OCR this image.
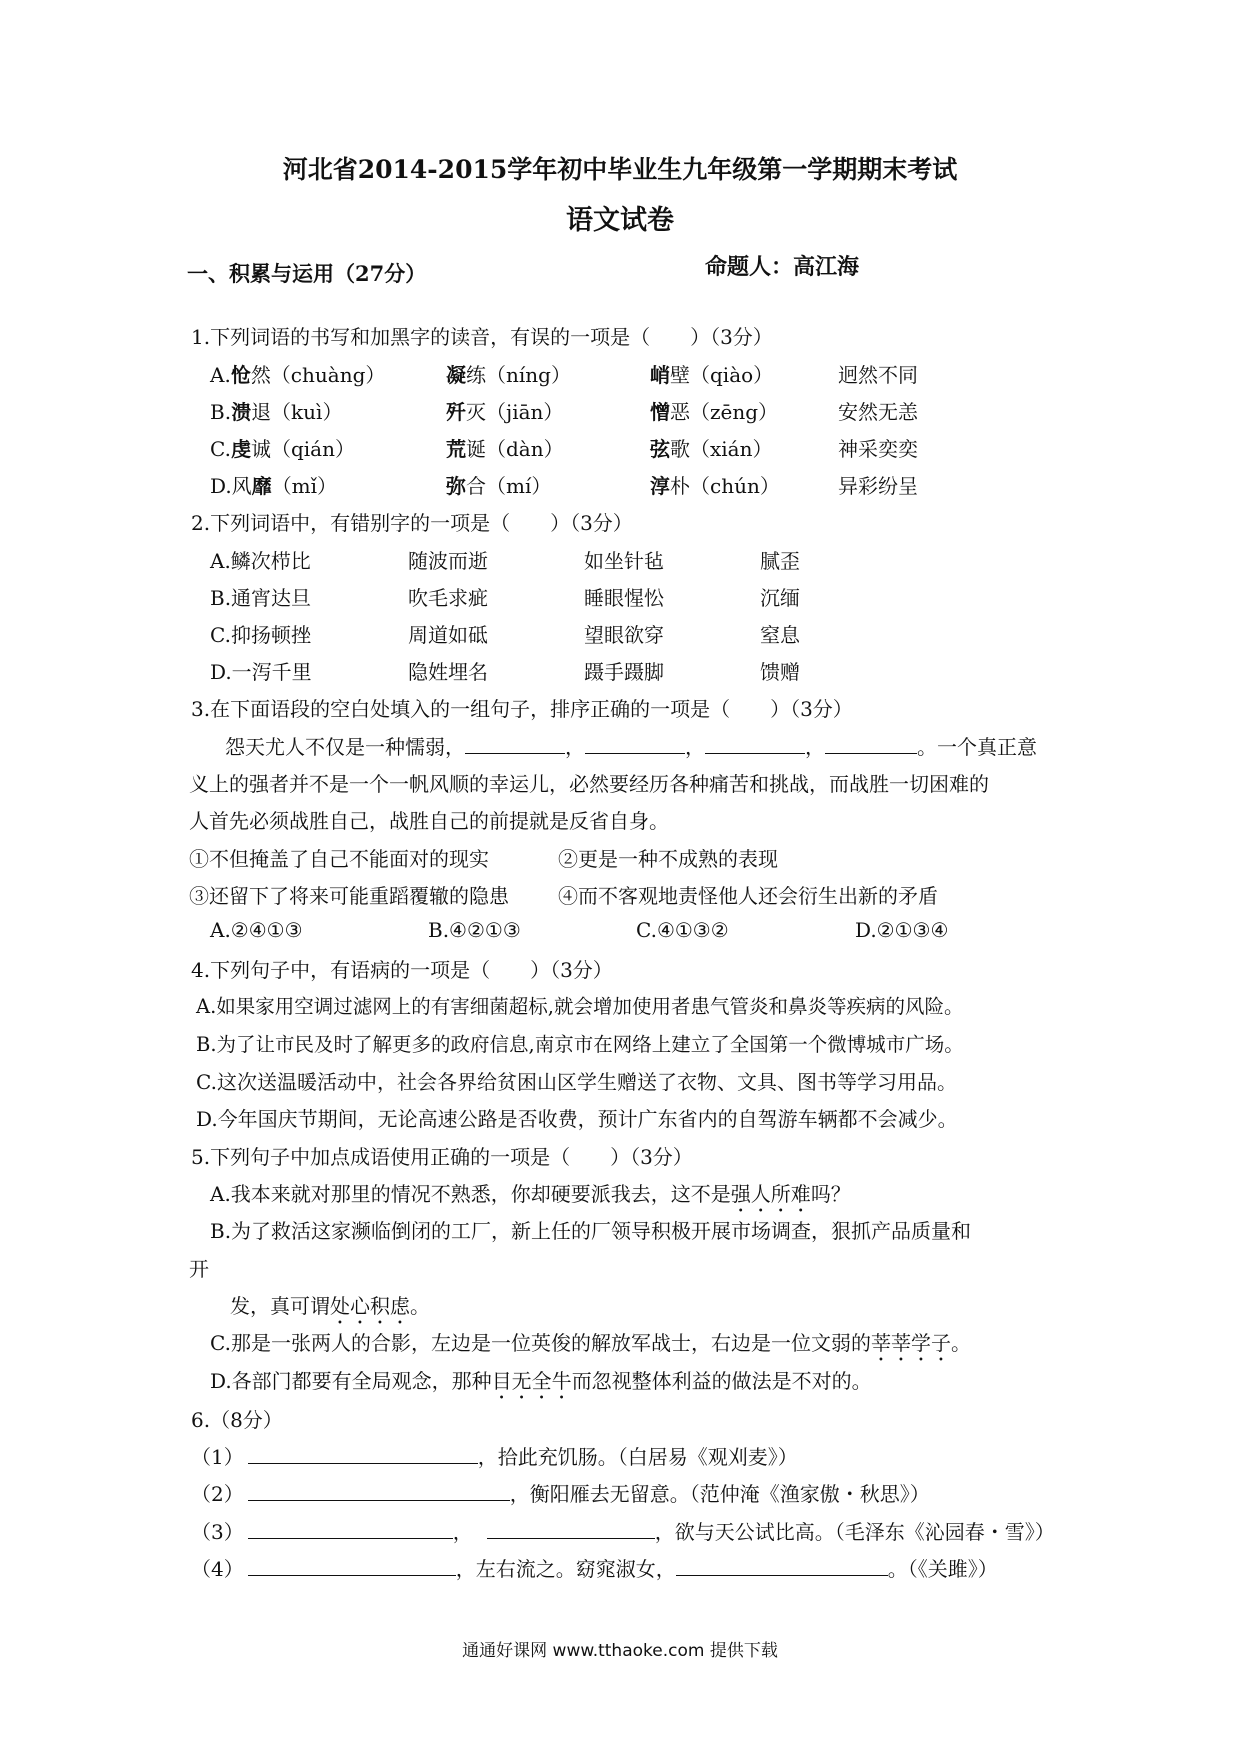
河北省2014-2015学年初中毕业生九年级第一学期期末考试
语文试卷
命题人：高江海
一、积累与运用（27分）
1.下列词语的书写和加黑字的读音，有误的一项是（　　）（3分）
A.怆然（chuàng）	凝练（níng）	峭壁（qiào）	迥然不同
B.溃退（kuì）	歼灭（jiān）	憎恶（zēng）	安然无恙
C.虔诚（qián）	荒诞（dàn）	弦歌（xián）	神采奕奕
D.风靡（mǐ）	弥合（mí）	淳朴（chún）	异彩纷呈
2.下列词语中，有错别字的一项是（　　）（3分）
A.鳞次栉比	随波而逝	如坐针毡	腻歪
B.通宵达旦	吹毛求疵	睡眼惺忪	沉缅
C.抑扬顿挫	周道如砥	望眼欲穿	窒息
D.一泻千里	隐姓埋名	蹑手蹑脚	馈赠
3.在下面语段的空白处填入的一组句子，排序正确的一项是（　　）（3分）
怨天尤人不仅是一种懦弱，	，	，	，	。一个真正意
义上的强者并不是一个一帆风顺的幸运儿，必然要经历各种痛苦和挑战，而战胜一切困难的
人首先必须战胜自己，战胜自己的前提就是反省自身。
①不但掩盖了自己不能面对的现实	②更是一种不成熟的表现
③还留下了将来可能重蹈覆辙的隐患 ④而不客观地责怪他人还会衍生出新的矛盾
A.②④①③	B.④②①③	C.④①③②	D.②①③④
4.下列句子中，有语病的一项是（　　）（3分）
A.如果家用空调过滤网上的有害细菌超标,就会增加使用者患气管炎和鼻炎等疾病的风险。
B.为了让市民及时了解更多的政府信息,南京市在网络上建立了全国第一个微博城市广场。
C.这次送温暖活动中，社会各界给贫困山区学生赠送了衣物、文具、图书等学习用品。
D.今年国庆节期间，无论高速公路是否收费，预计广东省内的自驾游车辆都不会减少。
5.下列句子中加点成语使用正确的一项是（　　）（3分）
A.我本来就对那里的情况不熟悉，你却硬要派我去，这不是强人所难吗？
B.为了救活这家濒临倒闭的工厂，新上任的厂领导积极开展市场调查，狠抓产品质量和
开
发，真可谓处心积虑。
C.那是一张两人的合影，左边是一位英俊的解放军战士，右边是一位文弱的莘莘学子。
D.各部门都要有全局观念，那种目无全牛而忽视整体利益的做法是不对的。
6.（8分）
（1）	，拾此充饥肠。（白居易《观刈麦》）
（2）	，衡阳雁去无留意。（范仲淹《渔家傲・秋思》）
（3）	，	，欲与天公试比高。（毛泽东《沁园春・雪》）
（4）	，左右流之。窈窕淑女，	。（《关雎》）
通通好课网 www.tthaoke.com 提供下载
